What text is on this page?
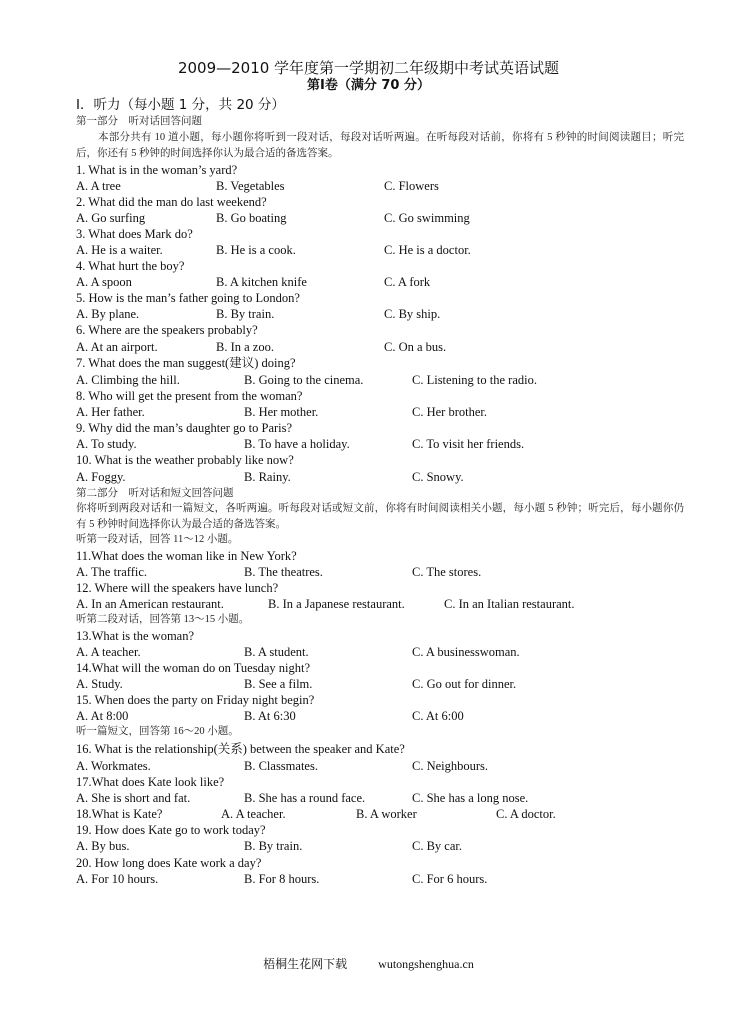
2009—2010 学年度第一学期初二年级期中考试英语试题
第Ⅰ卷（满分 70 分）
Ⅰ．听力（每小题 1 分，共 20 分）
第一部分　听对话回答问题
本部分共有 10 道小题，每小题你将听到一段对话，每段对话听两遍。在听每段对话前，你将有 5 秒钟的时间阅读题目；听完后，你还有 5 秒钟的时间选择你认为最合适的备选答案。
1. What is in the woman’s yard?
A. A tree	B. Vegetables	C. Flowers
2. What did the man do last weekend?
A. Go surfing	B. Go boating	C. Go swimming
3. What does Mark do?
A. He is a waiter.	B. He is a cook.	C. He is a doctor.
4. What hurt the boy?
A. A spoon	B. A kitchen knife	C. A fork
5. How is the man’s father going to London?
A. By plane.	B. By train.	C. By ship.
6. Where are the speakers probably?
A. At an airport.	B. In a zoo.	C. On a bus.
7. What does the man suggest(建议) doing?
A. Climbing the hill.	B. Going to the cinema.	C. Listening to the radio.
8. Who will get the present from the woman?
A. Her father.	B. Her mother.	C. Her brother.
9. Why did the man’s daughter go to Paris?
A. To study.	B. To have a holiday.	C. To visit her friends.
10. What is the weather probably like now?
A. Foggy.	B. Rainy.	C. Snowy.
第二部分　听对话和短文回答问题
你将听到两段对话和一篇短文，各听两遍。听每段对话或短文前，你将有时间阅读相关小题，每小题 5 秒钟；听完后，每小题你仍有 5 秒钟时间选择你认为最合适的备选答案。
听第一段对话，回答 11～12 小题。
11.What does the woman like in New York?
A. The traffic.	B. The theatres.	C. The stores.
12. Where will the speakers have lunch?
A. In an American restaurant.	B. In a Japanese restaurant.	C. In an Italian restaurant.
听第二段对话，回答第 13～15 小题。
13.What is the woman?
A. A teacher.	B. A student.	C. A businesswoman.
14.What will the woman do on Tuesday night?
A. Study.	B. See a film.	C. Go out for dinner.
15. When does the party on Friday night begin?
A. At 8:00	B. At 6:30	C. At 6:00
听一篇短文，回答第 16～20 小题。
16. What is the relationship(关系) between the speaker and Kate?
A. Workmates.	B. Classmates.	C. Neighbours.
17.What does Kate look like?
A. She is short and fat.	B. She has a round face.	C. She has a long nose.
18.What is Kate?	A. A teacher.	B. A worker	C. A doctor.
19. How does Kate go to work today?
A. By bus.	B. By train.	C. By car.
20. How long does Kate work a day?
A. For 10 hours.	B. For 8 hours.	C. For 6 hours.
梧桐生花网下载	wutongshenghua.cn
